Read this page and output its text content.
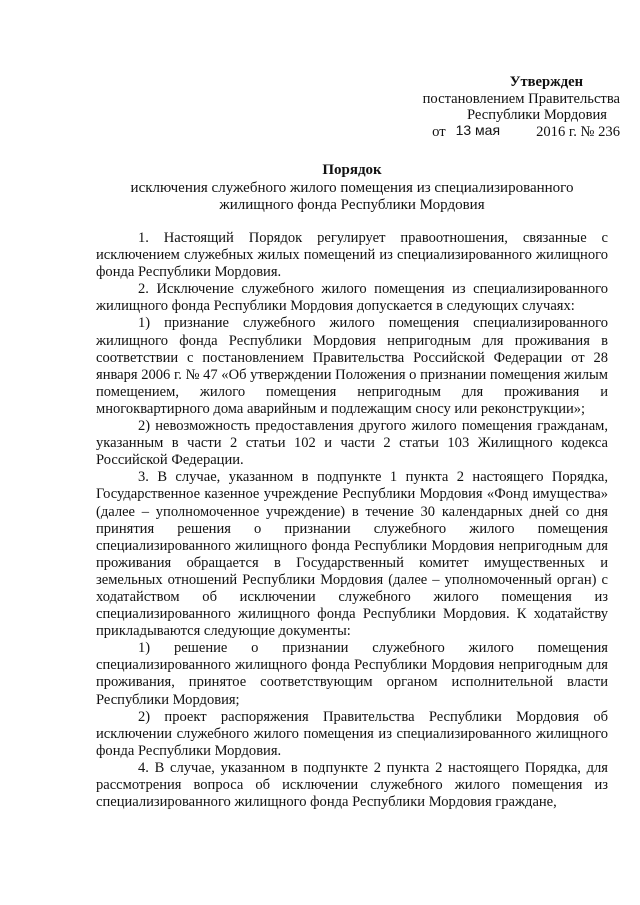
Утвержден
постановлением Правительства
Республики Мордовия
от 13 мая 2016 г. № 236
Порядок
исключения служебного жилого помещения из специализированного
жилищного фонда Республики Мордовия

1. Настоящий Порядок регулирует правоотношения, связанные с исключением служебных жилых помещений из специализированного жилищного фонда Республики Мордовия.

2. Исключение служебного жилого помещения из специализированного жилищного фонда Республики Мордовия допускается в следующих случаях:

1) признание служебного жилого помещения специализированного жилищного фонда Республики Мордовия непригодным для проживания в соответствии с постановлением Правительства Российской Федерации от 28 января 2006 г. № 47 «Об утверждении Положения о признании помещения жилым помещением, жилого помещения непригодным для проживания и многоквартирного дома аварийным и подлежащим сносу или реконструкции»;

2) невозможность предоставления другого жилого помещения гражданам, указанным в части 2 статьи 102 и части 2 статьи 103 Жилищного кодекса Российской Федерации.

3. В случае, указанном в подпункте 1 пункта 2 настоящего Порядка, Государственное казенное учреждение Республики Мордовия «Фонд имущества» (далее – уполномоченное учреждение) в течение 30 календарных дней со дня принятия решения о признании служебного жилого помещения специализированного жилищного фонда Республики Мордовия непригодным для проживания обращается в Государственный комитет имущественных и земельных отношений Республики Мордовия (далее – уполномоченный орган) с ходатайством об исключении служебного жилого помещения из специализированного жилищного фонда Республики Мордовия. К ходатайству прикладываются следующие документы:

1) решение о признании служебного жилого помещения специализированного жилищного фонда Республики Мордовия непригодным для проживания, принятое соответствующим органом исполнительной власти Республики Мордовия;

2) проект распоряжения Правительства Республики Мордовия об исключении служебного жилого помещения из специализированного жилищного фонда Республики Мордовия.

4. В случае, указанном в подпункте 2 пункта 2 настоящего Порядка, для рассмотрения вопроса об исключении служебного жилого помещения из специализированного жилищного фонда Республики Мордовия граждане,
